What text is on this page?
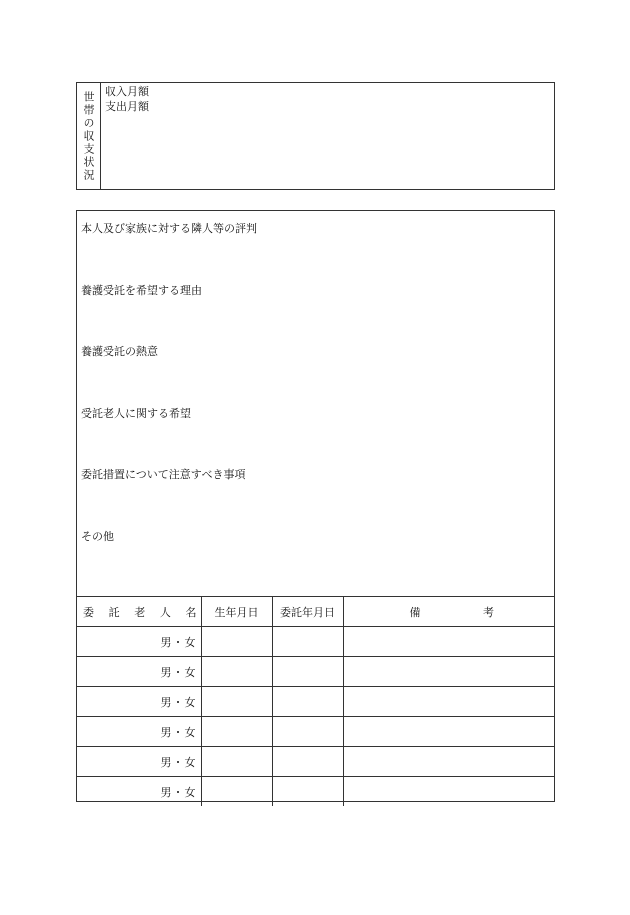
世帯の収支状況 収入月額
支出月額
本人及び家族に対する隣人等の評判
養護受託を希望する理由
養護受託の熱意
受託老人に関する希望
委託措置について注意すべき事項
その他
委 託 老 人 名	生年月日	委託年月日	備 考

男・女			
男・女			
男・女			
男・女			
男・女			
男・女			
